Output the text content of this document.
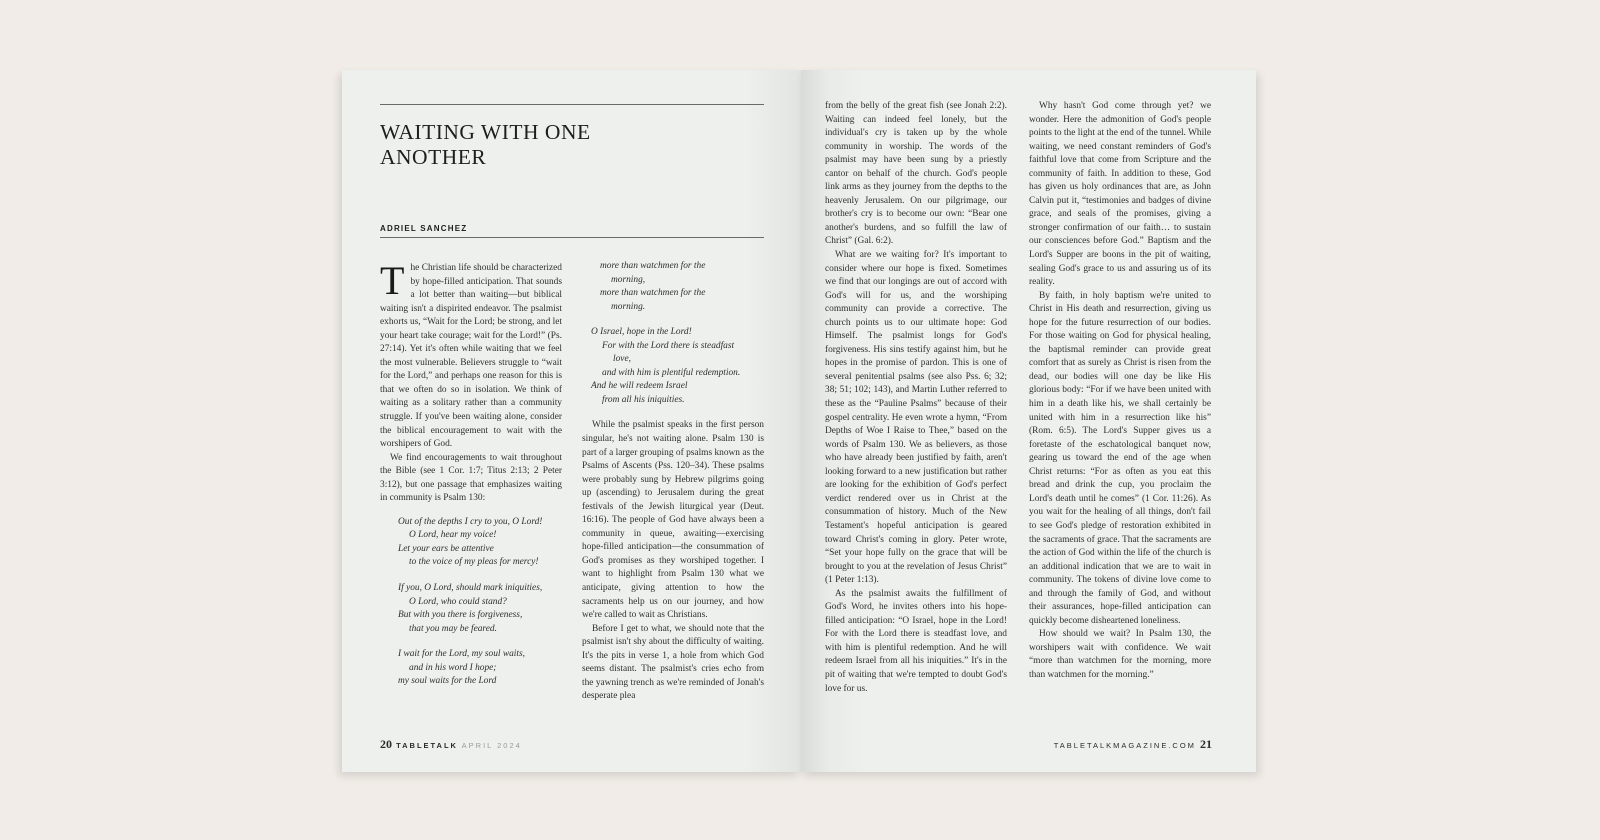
WAITING WITH ONE ANOTHER
ADRIEL SANCHEZ

The Christian life should be characterized by hope-filled anticipation. That sounds a lot better than waiting—but biblical waiting isn't a dispirited endeavor. The psalmist exhorts us, “Wait for the Lord; be strong, and let your heart take courage; wait for the Lord!” (Ps. 27:14). Yet it's often while waiting that we feel the most vulnerable. Believers struggle to “wait for the Lord,” and perhaps one reason for this is that we often do so in isolation. We think of waiting as a solitary rather than a community struggle. If you've been waiting alone, consider the biblical encouragement to wait with the worshipers of God.

We find encouragements to wait throughout the Bible (see 1 Cor. 1:7; Titus 2:13; 2 Peter 3:12), but one passage that emphasizes waiting in community is Psalm 130:

Out of the depths I cry to you, O Lord!
O Lord, hear my voice!
Let your ears be attentive
to the voice of my pleas for mercy!
If you, O Lord, should mark iniquities,
O Lord, who could stand?
But with you there is forgiveness,
that you may be feared.
I wait for the Lord, my soul waits,
and in his word I hope;
my soul waits for the Lord
more than watchmen for the
morning,
more than watchmen for the
morning.
O Israel, hope in the Lord!
For with the Lord there is steadfast
love,
and with him is plentiful redemption.
And he will redeem Israel
from all his iniquities.

While the psalmist speaks in the first person singular, he's not waiting alone. Psalm 130 is part of a larger grouping of psalms known as the Psalms of Ascents (Pss. 120–34). These psalms were probably sung by Hebrew pilgrims going up (ascending) to Jerusalem during the great festivals of the Jewish liturgical year (Deut. 16:16). The people of God have always been a community in queue, awaiting—exercising hope-filled anticipation—the consummation of God's promises as they worshiped together. I want to highlight from Psalm 130 what we anticipate, giving attention to how the sacraments help us on our journey, and how we're called to wait as Christians.

Before I get to what, we should note that the psalmist isn't shy about the difficulty of waiting. It's the pits in verse 1, a hole from which God seems distant. The psalmist's cries echo from the yawning trench as we're reminded of Jonah's desperate plea

20 TABLETALK APRIL 2024

from the belly of the great fish (see Jonah 2:2). Waiting can indeed feel lonely, but the individual's cry is taken up by the whole community in worship. The words of the psalmist may have been sung by a priestly cantor on behalf of the church. God's people link arms as they journey from the depths to the heavenly Jerusalem. On our pilgrimage, our brother's cry is to become our own: “Bear one another's burdens, and so fulfill the law of Christ” (Gal. 6:2).

What are we waiting for? It's important to consider where our hope is fixed. Sometimes we find that our longings are out of accord with God's will for us, and the worshiping community can provide a corrective. The church points us to our ultimate hope: God Himself. The psalmist longs for God's forgiveness. His sins testify against him, but he hopes in the promise of pardon. This is one of several penitential psalms (see also Pss. 6; 32; 38; 51; 102; 143), and Martin Luther referred to these as the “Pauline Psalms” because of their gospel centrality. He even wrote a hymn, “From Depths of Woe I Raise to Thee,” based on the words of Psalm 130. We as believers, as those who have already been justified by faith, aren't looking forward to a new justification but rather are looking for the exhibition of God's perfect verdict rendered over us in Christ at the consummation of history. Much of the New Testament's hopeful anticipation is geared toward Christ's coming in glory. Peter wrote, “Set your hope fully on the grace that will be brought to you at the revelation of Jesus Christ” (1 Peter 1:13).

As the psalmist awaits the fulfillment of God's Word, he invites others into his hope-filled anticipation: “O Israel, hope in the Lord! For with the Lord there is steadfast love, and with him is plentiful redemption. And he will redeem Israel from all his iniquities.” It's in the pit of waiting that we're tempted to doubt God's love for us.

Why hasn't God come through yet? we wonder. Here the admonition of God's people points to the light at the end of the tunnel. While waiting, we need constant reminders of God's faithful love that come from Scripture and the community of faith. In addition to these, God has given us holy ordinances that are, as John Calvin put it, “testimonies and badges of divine grace, and seals of the promises, giving a stronger confirmation of our faith… to sustain our consciences before God.” Baptism and the Lord's Supper are boons in the pit of waiting, sealing God's grace to us and assuring us of its reality.

By faith, in holy baptism we're united to Christ in His death and resurrection, giving us hope for the future resurrection of our bodies. For those waiting on God for physical healing, the baptismal reminder can provide great comfort that as surely as Christ is risen from the dead, our bodies will one day be like His glorious body: “For if we have been united with him in a death like his, we shall certainly be united with him in a resurrection like his” (Rom. 6:5). The Lord's Supper gives us a foretaste of the eschatological banquet now, gearing us toward the end of the age when Christ returns: “For as often as you eat this bread and drink the cup, you proclaim the Lord's death until he comes” (1 Cor. 11:26). As you wait for the healing of all things, don't fail to see God's pledge of restoration exhibited in the sacraments of grace. That the sacraments are the action of God within the life of the church is an additional indication that we are to wait in community. The tokens of divine love come to and through the family of God, and without their assurances, hope-filled anticipation can quickly become disheartened loneliness.

How should we wait? In Psalm 130, the worshipers wait with confidence. We wait “more than watchmen for the morning, more than watchmen for the morning.”

TABLETALKMAGAZINE.COM 21
